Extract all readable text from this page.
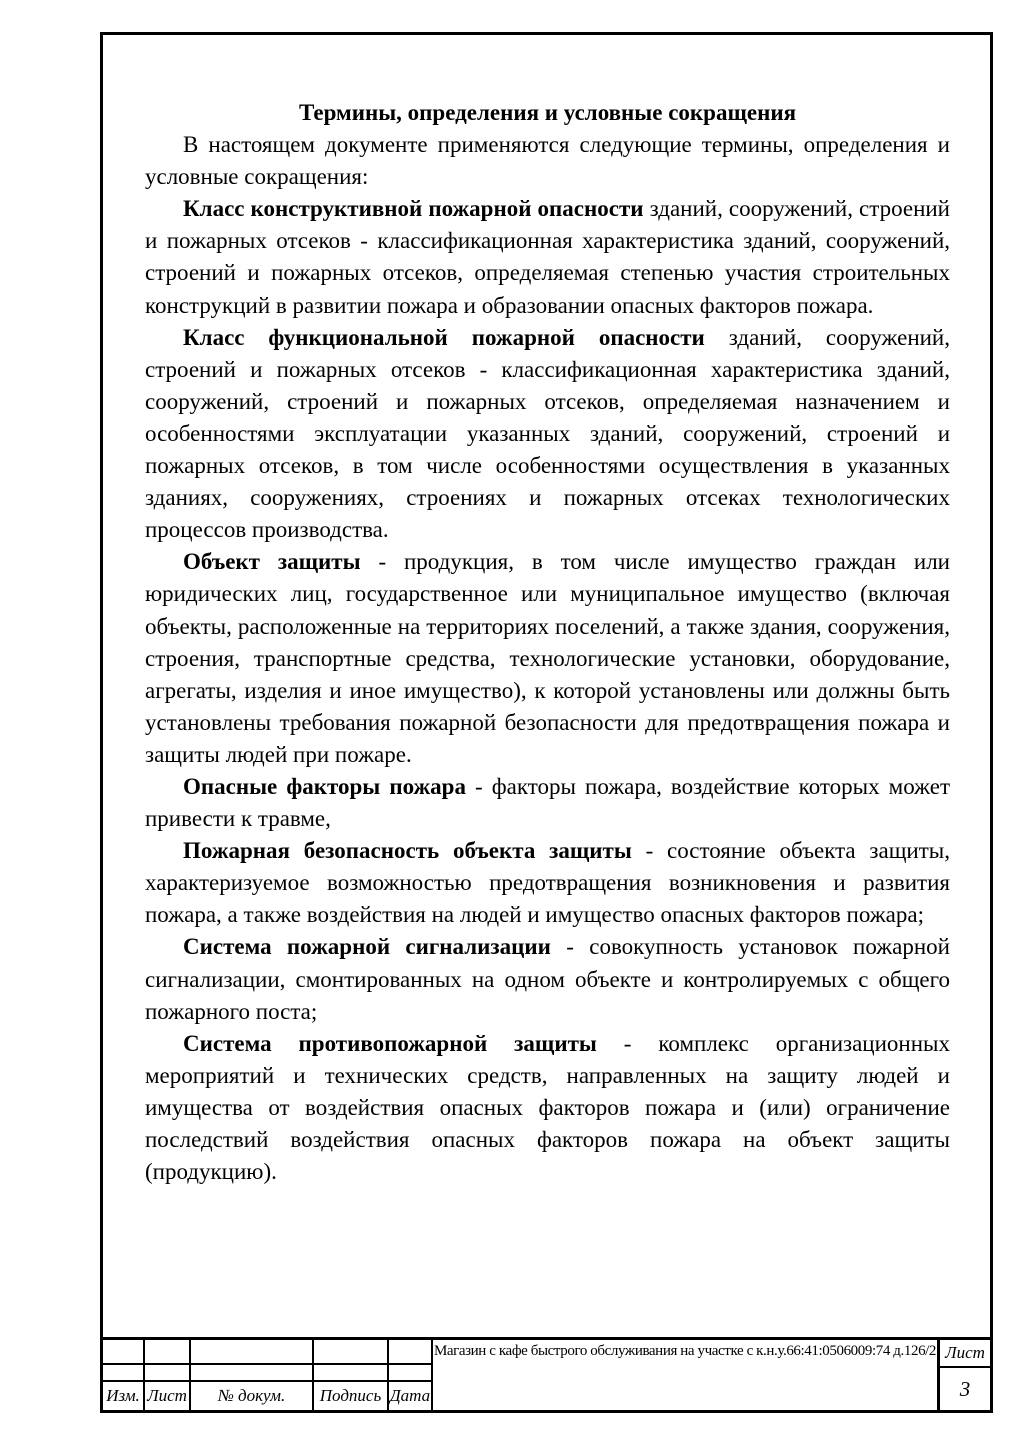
Термины, определения и условные сокращения

В настоящем документе применяются следующие термины, определения и условные сокращения:

Класс конструктивной пожарной опасности зданий, сооружений, строений и пожарных отсеков - классификационная характеристика зданий, сооружений, строений и пожарных отсеков, определяемая степенью участия строительных конструкций в развитии пожара и образовании опасных факторов пожара.

Класс функциональной пожарной опасности зданий, сооружений, строений и пожарных отсеков - классификационная характеристика зданий, сооружений, строений и пожарных отсеков, определяемая назначением и особенностями эксплуатации указанных зданий, сооружений, строений и пожарных отсеков, в том числе особенностями осуществления в указанных зданиях, сооружениях, строениях и пожарных отсеках технологических процессов производства.

Объект защиты - продукция, в том числе имущество граждан или юридических лиц, государственное или муниципальное имущество (включая объекты, расположенные на территориях поселений, а также здания, сооружения, строения, транспортные средства, технологические установки, оборудование, агрегаты, изделия и иное имущество), к которой установлены или должны быть установлены требования пожарной безопасности для предотвращения пожара и защиты людей при пожаре.

Опасные факторы пожара - факторы пожара, воздействие которых может привести к травме,

Пожарная безопасность объекта защиты - состояние объекта защиты, характеризуемое возможностью предотвращения возникновения и развития пожара, а также воздействия на людей и имущество опасных факторов пожара;

Система пожарной сигнализации - совокупность установок пожарной сигнализации, смонтированных на одном объекте и контролируемых с общего пожарного поста;

Система противопожарной защиты - комплекс организационных мероприятий и технических средств, направленных на защиту людей и имущества от воздействия опасных факторов пожара и (или) ограничение последствий воздействия опасных факторов пожара на объект защиты (продукцию).

Изм. Лист	№ докум.	Подпись Дата
Магазин с кафе быстрого обслуживания на участке с к.н.у.66:41:0506009:74 д.126/2 Лист
3
